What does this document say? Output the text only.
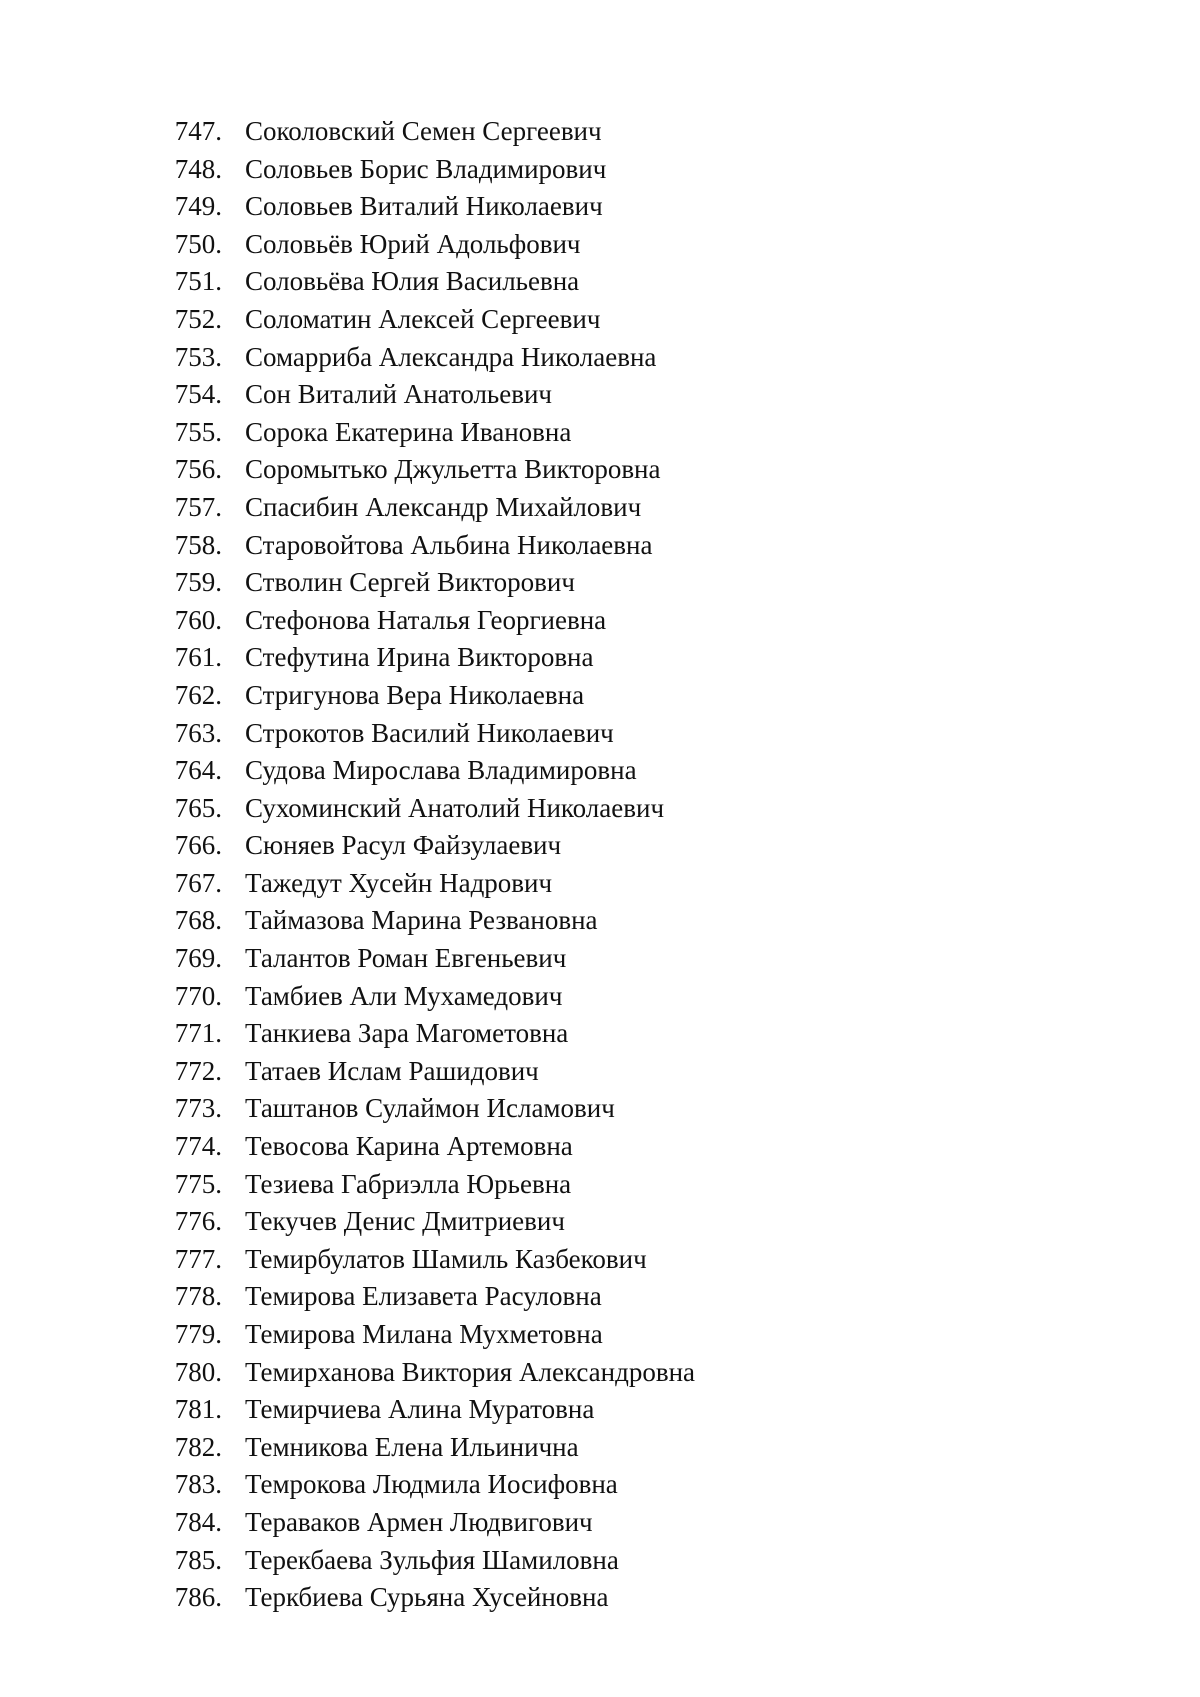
747. Соколовский Семен Сергеевич
748. Соловьев Борис Владимирович
749. Соловьев Виталий Николаевич
750. Соловьёв Юрий Адольфович
751. Соловьёва Юлия Васильевна
752. Соломатин Алексей Сергеевич
753. Сомарриба Александра Николаевна
754. Сон Виталий Анатольевич
755. Сорока Екатерина Ивановна
756. Соромытько Джульетта Викторовна
757. Спасибин Александр Михайлович
758. Старовойтова Альбина Николаевна
759. Стволин Сергей Викторович
760. Стефонова Наталья Георгиевна
761. Стефутина Ирина Викторовна
762. Стригунова Вера Николаевна
763. Строкотов Василий Николаевич
764. Судова Мирослава Владимировна
765. Сухоминский Анатолий Николаевич
766. Сюняев Расул Файзулаевич
767. Тажедут Хусейн Надрович
768. Таймазова Марина Резвановна
769. Талантов Роман Евгеньевич
770. Тамбиев Али Мухамедович
771. Танкиева Зара Магометовна
772. Татаев Ислам Рашидович
773. Таштанов Сулаймон Исламович
774. Тевосова Карина Артемовна
775. Тезиева Габриэлла Юрьевна
776. Текучев Денис Дмитриевич
777. Темирбулатов Шамиль Казбекович
778. Темирова Елизавета Расуловна
779. Темирова Милана Мухметовна
780. Темирханова Виктория Александровна
781. Темирчиева Алина Муратовна
782. Темникова Елена Ильинична
783. Темрокова Людмила Иосифовна
784. Тераваков Армен Людвигович
785. Терекбаева Зульфия Шамиловна
786. Теркбиева Сурьяна Хусейновна
